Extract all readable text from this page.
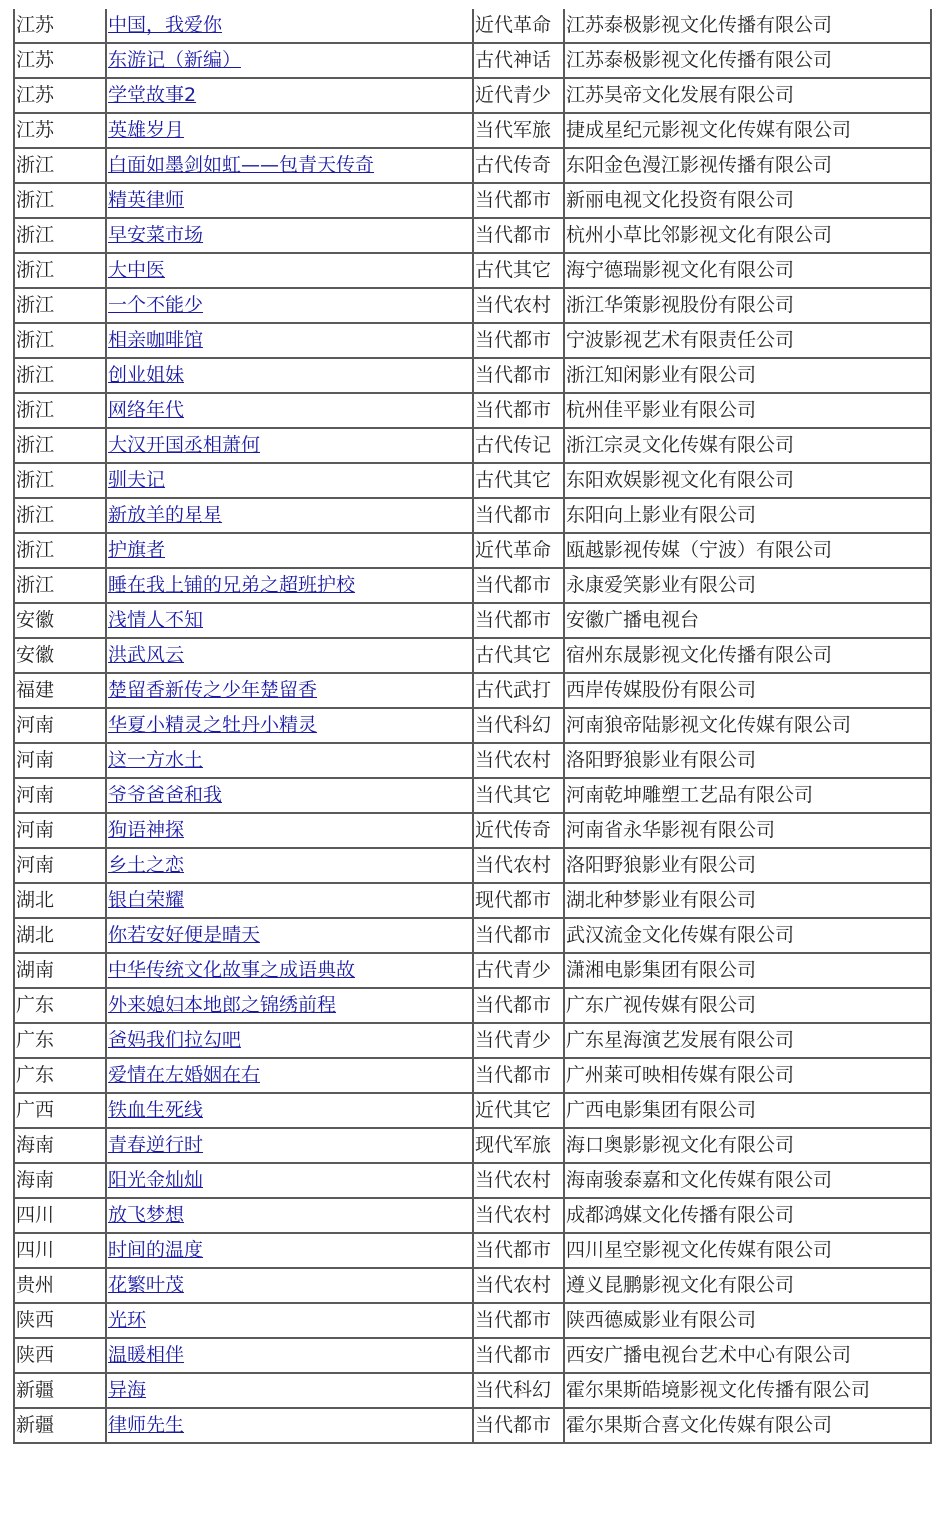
江苏	中国，我爱你	近代革命	江苏泰极影视文化传播有限公司
江苏	东游记（新编）	古代神话	江苏泰极影视文化传播有限公司
江苏	学堂故事2	近代青少	江苏昊帝文化发展有限公司
江苏	英雄岁月	当代军旅	捷成星纪元影视文化传媒有限公司
浙江	白面如墨剑如虹——包青天传奇	古代传奇	东阳金色漫江影视传播有限公司
浙江	精英律师	当代都市	新丽电视文化投资有限公司
浙江	早安菜市场	当代都市	杭州小草比邻影视文化有限公司
浙江	大中医	古代其它	海宁德瑞影视文化有限公司
浙江	一个不能少	当代农村	浙江华策影视股份有限公司
浙江	相亲咖啡馆	当代都市	宁波影视艺术有限责任公司
浙江	创业姐妹	当代都市	浙江知闲影业有限公司
浙江	网络年代	当代都市	杭州佳平影业有限公司
浙江	大汉开国丞相萧何	古代传记	浙江宗灵文化传媒有限公司
浙江	驯夫记	古代其它	东阳欢娱影视文化有限公司
浙江	新放羊的星星	当代都市	东阳向上影业有限公司
浙江	护旗者	近代革命	瓯越影视传媒（宁波）有限公司
浙江	睡在我上铺的兄弟之超班护校	当代都市	永康爱笑影业有限公司
安徽	浅情人不知	当代都市	安徽广播电视台
安徽	洪武风云	古代其它	宿州东晟影视文化传播有限公司
福建	楚留香新传之少年楚留香	古代武打	西岸传媒股份有限公司
河南	华夏小精灵之牡丹小精灵	当代科幻	河南狼帝陆影视文化传媒有限公司
河南	这一方水土	当代农村	洛阳野狼影业有限公司
河南	爷爷爸爸和我	当代其它	河南乾坤雕塑工艺品有限公司
河南	狗语神探	近代传奇	河南省永华影视有限公司
河南	乡土之恋	当代农村	洛阳野狼影业有限公司
湖北	银白荣耀	现代都市	湖北种梦影业有限公司
湖北	你若安好便是晴天	当代都市	武汉流金文化传媒有限公司
湖南	中华传统文化故事之成语典故	古代青少	潇湘电影集团有限公司
广东	外来媳妇本地郎之锦绣前程	当代都市	广东广视传媒有限公司
广东	爸妈我们拉勾吧	当代青少	广东星海演艺发展有限公司
广东	爱情在左婚姻在右	当代都市	广州莱可映相传媒有限公司
广西	铁血生死线	近代其它	广西电影集团有限公司
海南	青春逆行时	现代军旅	海口奥影影视文化有限公司
海南	阳光金灿灿	当代农村	海南骏泰嘉和文化传媒有限公司
四川	放飞梦想	当代农村	成都鸿媒文化传播有限公司
四川	时间的温度	当代都市	四川星空影视文化传媒有限公司
贵州	花繁叶茂	当代农村	遵义昆鹏影视文化有限公司
陕西	光环	当代都市	陕西德威影业有限公司
陕西	温暖相伴	当代都市	西安广播电视台艺术中心有限公司
新疆	异海	当代科幻	霍尔果斯皓境影视文化传播有限公司
新疆	律师先生	当代都市	霍尔果斯合喜文化传媒有限公司
